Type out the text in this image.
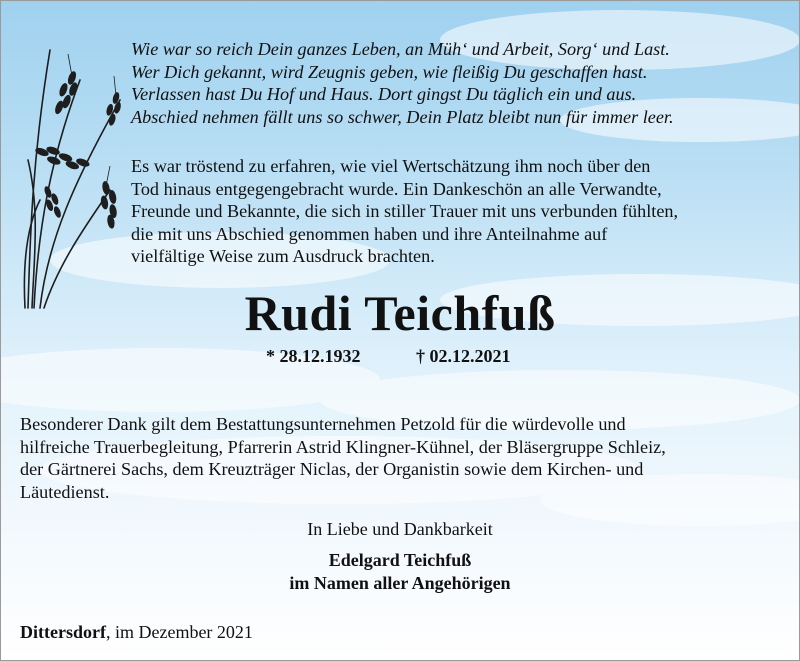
Wie war so reich Dein ganzes Leben, an Müh‘ und Arbeit, Sorg‘ und Last.
Wer Dich gekannt, wird Zeugnis geben, wie fleißig Du geschaffen hast.
Verlassen hast Du Hof und Haus. Dort gingst Du täglich ein und aus.
Abschied nehmen fällt uns so schwer, Dein Platz bleibt nun für immer leer.
Es war tröstend zu erfahren, wie viel Wertschätzung ihm noch über den
Tod hinaus entgegengebracht wurde. Ein Dankeschön an alle Verwandte,
Freunde und Bekannte, die sich in stiller Trauer mit uns verbunden fühlten,
die mit uns Abschied genommen haben und ihre Anteilnahme auf
vielfältige Weise zum Ausdruck brachten.
Rudi Teichfuß
* 28.12.1932	† 02.12.2021
Besonderer Dank gilt dem Bestattungsunternehmen Petzold für die würdevolle und
hilfreiche Trauerbegleitung, Pfarrerin Astrid Klingner-Kühnel, der Bläsergruppe Schleiz,
der Gärtnerei Sachs, dem Kreuzträger Niclas, der Organistin sowie dem Kirchen- und
Läutedienst.
In Liebe und Dankbarkeit
Edelgard Teichfuß
im Namen aller Angehörigen
Dittersdorf, im Dezember 2021
